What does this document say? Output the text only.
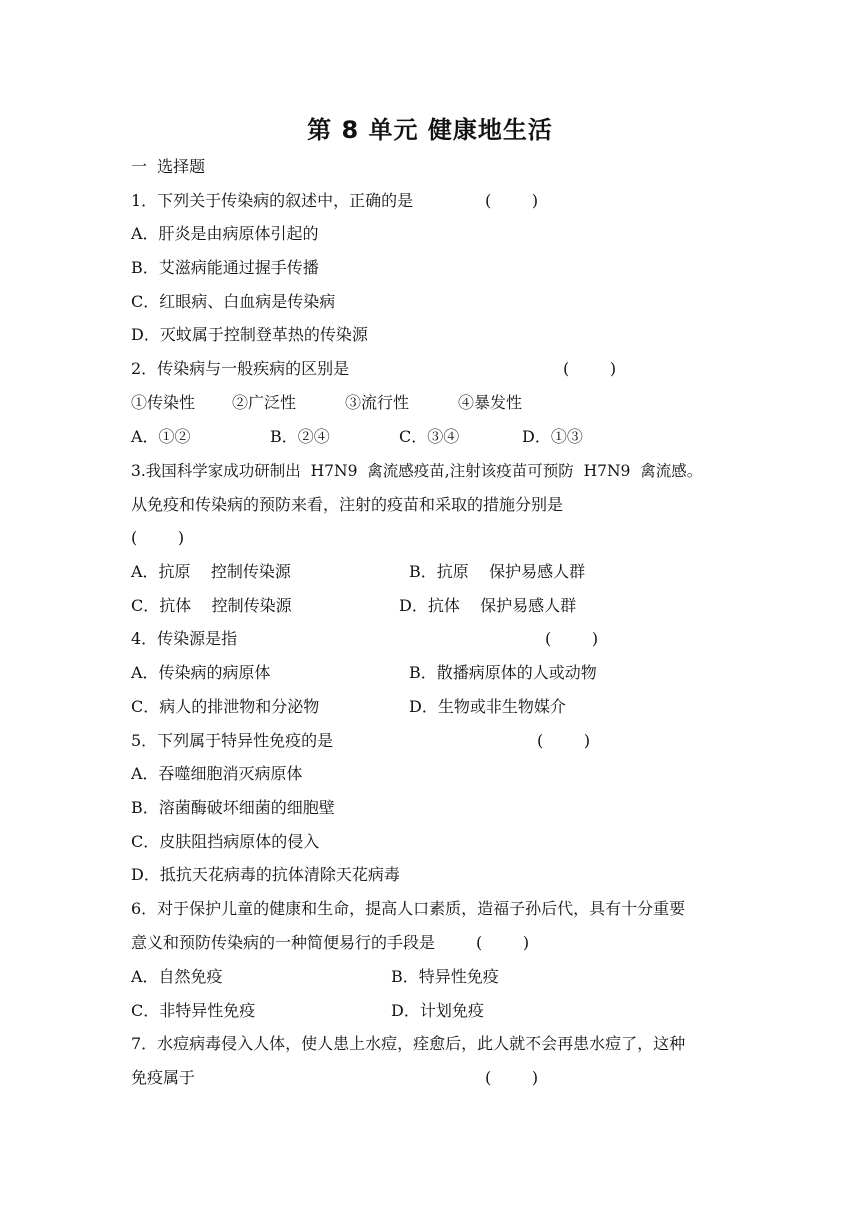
第 8 单元 健康地生活
一  选择题
1．下列关于传染病的叙述中，正确的是	(        )
A．肝炎是由病原体引起的
B．艾滋病能通过握手传播
C．红眼病、白血病是传染病
D．灭蚊属于控制登革热的传染源
2．传染病与一般疾病的区别是	(        )
①传染性 ②广泛性	③流行性	④暴发性
A．①②	B．②④	C．③④	D．①③
3.我国科学家成功研制出  H7N9  禽流感疫苗,注射该疫苗可预防  H7N9  禽流感。
从免疫和传染病的预防来看，注射的疫苗和采取的措施分别是
(        )
A．抗原    控制传染源	B．抗原    保护易感人群
C．抗体    控制传染源	D．抗体    保护易感人群
4．传染源是指	(        )
A．传染病的病原体	B．散播病原体的人或动物
C．病人的排泄物和分泌物	D．生物或非生物媒介
5．下列属于特异性免疫的是	(        )
A．吞噬细胞消灭病原体
B．溶菌酶破坏细菌的细胞壁
C．皮肤阻挡病原体的侵入
D．抵抗天花病毒的抗体清除天花病毒
6．对于保护儿童的健康和生命，提高人口素质，造福子孙后代，具有十分重要
意义和预防传染病的一种简便易行的手段是	(        )
A．自然免疫	B．特异性免疫
C．非特异性免疫	D．计划免疫
7．水痘病毒侵入人体，使人患上水痘，痊愈后，此人就不会再患水痘了，这种
免疫属于	(        )
